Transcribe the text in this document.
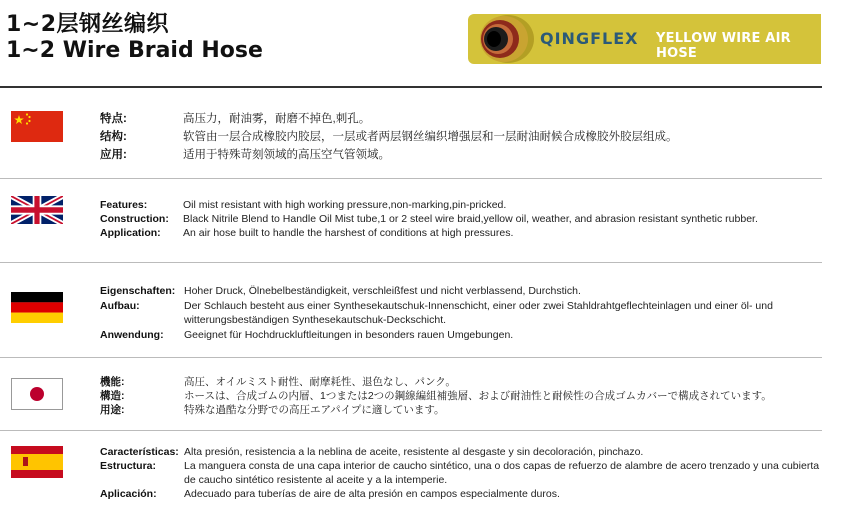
1~2层钢丝编织
1~2 Wire Braid Hose	QINGFLEX YELLOW WIRE AIR HOSE
特点:	高压力，耐油雾，耐磨不掉色,刺孔。
结构:	软管由一层合成橡胶内胶层，一层或者两层钢丝编织增强层和一层耐油耐候合成橡胶外胶层组成。
应用:	适用于特殊苛刻领域的高压空气管领域。
Features:	Oil mist resistant with high working pressure,non-marking,pin-pricked.
Construction: Black Nitrile Blend to Handle Oil Mist tube,1 or 2 steel wire braid,yellow oil, weather, and abrasion resistant synthetic rubber.
Application: An air hose built to handle the harshest of conditions at high pressures.
Eigenschaften: Hoher Druck, Ölnebelbeständigkeit, verschleißfest und nicht verblassend, Durchstich.
Aufbau:	Der Schlauch besteht aus einer Synthesekautschuk-Innenschicht, einer oder zwei Stahldrahtgeflechteinlagen und einer öl- und
witterungsbeständigen Synthesekautschuk-Deckschicht.
Anwendung: Geeignet für Hochdruckluftleitungen in besonders rauen Umgebungen.
機能:	高圧、オイルミスト耐性、耐摩耗性、退色なし、パンク。
構造:	ホースは、合成ゴムの内層、1つまたは2つの鋼線編組補強層、および耐油性と耐候性の合成ゴムカバーで構成されています。
用途:	特殊な過酷な分野での高圧エアパイプに適しています。
Características: Alta presión, resistencia a la neblina de aceite, resistente al desgaste y sin decoloración, pinchazo.
Estructura:	La manguera consta de una capa interior de caucho sintético, una o dos capas de refuerzo de alambre de acero trenzado y una cubierta
de caucho sintético resistente al aceite y a la intemperie.
Aplicación:	Adecuado para tuberías de aire de alta presión en campos especialmente duros.
